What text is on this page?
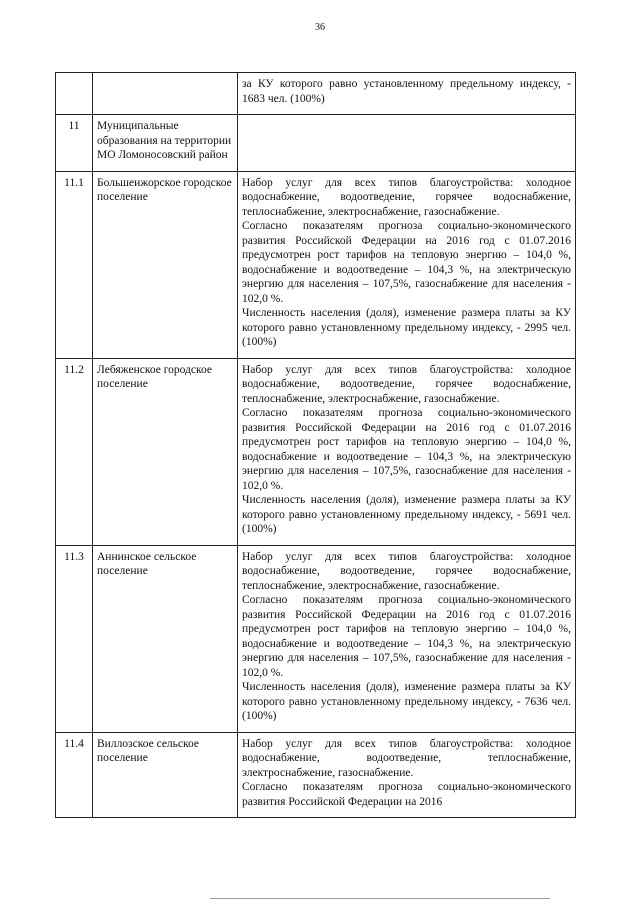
36

		за КУ которого равно установленному предельному индексу, - 1683 чел. (100%)

11	Муниципальные образования на территории МО Ломоносовский район	
11.1	Большеижорское городское поселение	Набор услуг для всех типов благоустройства: холодное водоснабжение, водоотведение, горячее водоснабжение, теплоснабжение, электроснабжение, газоснабжение.
Согласно показателям прогноза социально-экономического развития Российской Федерации на 2016 год с 01.07.2016 предусмотрен рост тарифов на тепловую энергию – 104,0 %, водоснабжение и водоотведение – 104,3 %, на электрическую энергию для населения – 107,5%, газоснабжение для населения - 102,0 %.
Численность населения (доля), изменение размера платы за КУ которого равно установленному предельному индексу, - 2995 чел. (100%)

11.2	Лебяженское городское поселение	Набор услуг для всех типов благоустройства: холодное водоснабжение, водоотведение, горячее водоснабжение, теплоснабжение, электроснабжение, газоснабжение.
Согласно показателям прогноза социально-экономического развития Российской Федерации на 2016 год с 01.07.2016 предусмотрен рост тарифов на тепловую энергию – 104,0 %, водоснабжение и водоотведение – 104,3 %, на электрическую энергию для населения – 107,5%, газоснабжение для населения - 102,0 %.
Численность населения (доля), изменение размера платы за КУ которого равно установленному предельному индексу, - 5691 чел. (100%)

11.3	Аннинское сельское поселение	Набор услуг для всех типов благоустройства: холодное водоснабжение, водоотведение, горячее водоснабжение, теплоснабжение, электроснабжение, газоснабжение.
Согласно показателям прогноза социально-экономического развития Российской Федерации на 2016 год с 01.07.2016 предусмотрен рост тарифов на тепловую энергию – 104,0 %, водоснабжение и водоотведение – 104,3 %, на электрическую энергию для населения – 107,5%, газоснабжение для населения - 102,0 %.
Численность населения (доля), изменение размера платы за КУ которого равно установленному предельному индексу, - 7636 чел. (100%)

11.4	Виллозское сельское поселение	Набор услуг для всех типов благоустройства: холодное водоснабжение, водоотведение, теплоснабжение, электроснабжение, газоснабжение.
Согласно показателям прогноза социально-экономического развития Российской Федерации на 2016
